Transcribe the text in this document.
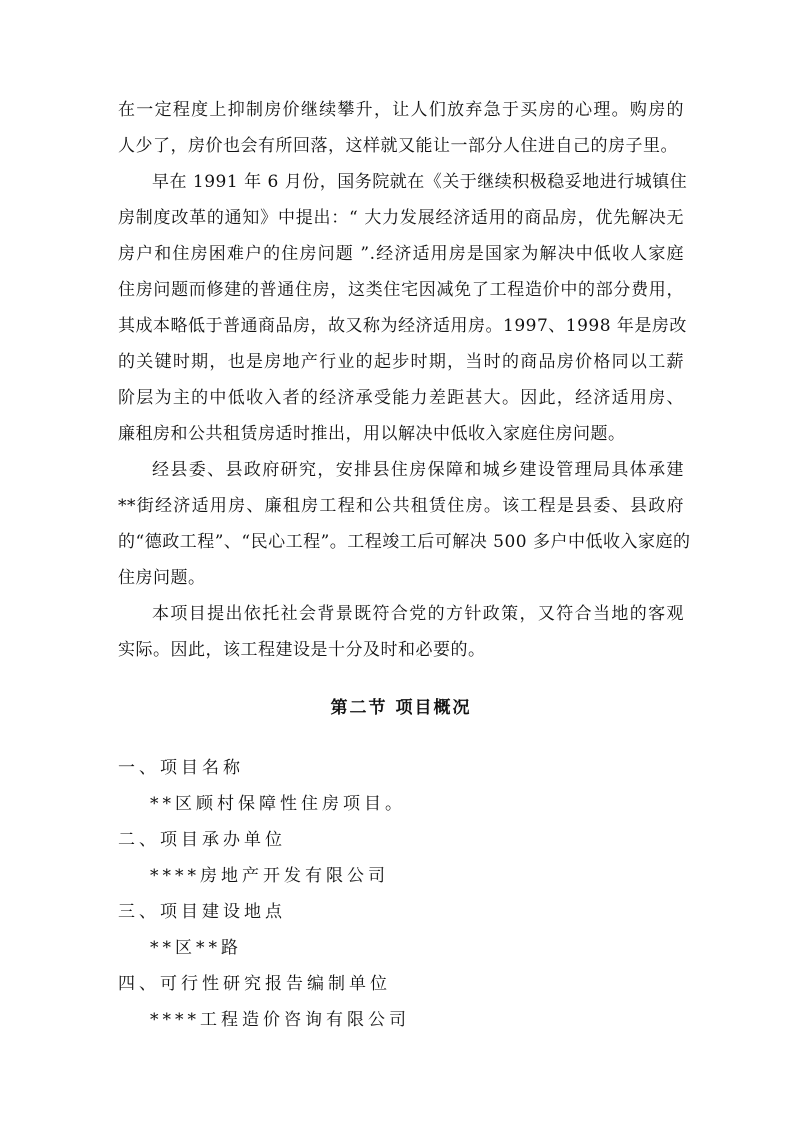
在一定程度上抑制房价继续攀升，让人们放弃急于买房的心理。购房的
人少了，房价也会有所回落，这样就又能让一部分人住进自己的房子里。
早在 1991 年 6 月份，国务院就在《关于继续积极稳妥地进行城镇住
房制度改革的通知》中提出：“ 大力发展经济适用的商品房，优先解决无
房户和住房困难户的住房问题 ”.经济适用房是国家为解决中低收人家庭
住房问题而修建的普通住房，这类住宅因减免了工程造价中的部分费用，
其成本略低于普通商品房，故又称为经济适用房。1997、1998 年是房改
的关键时期，也是房地产行业的起步时期，当时的商品房价格同以工薪
阶层为主的中低收入者的经济承受能力差距甚大。因此，经济适用房、
廉租房和公共租赁房适时推出，用以解决中低收入家庭住房问题。
经县委、县政府研究，安排县住房保障和城乡建设管理局具体承建
**街经济适用房、廉租房工程和公共租赁住房。该工程是县委、县政府
的“德政工程”、“民心工程”。工程竣工后可解决 500 多户中低收入家庭的
住房问题。
本项目提出依托社会背景既符合党的方针政策，又符合当地的客观
实际。因此，该工程建设是十分及时和必要的。
第二节 项目概况
一、项目名称
**区顾村保障性住房项目。
二、项目承办单位
****房地产开发有限公司
三、项目建设地点
**区**路
四、可行性研究报告编制单位
****工程造价咨询有限公司
